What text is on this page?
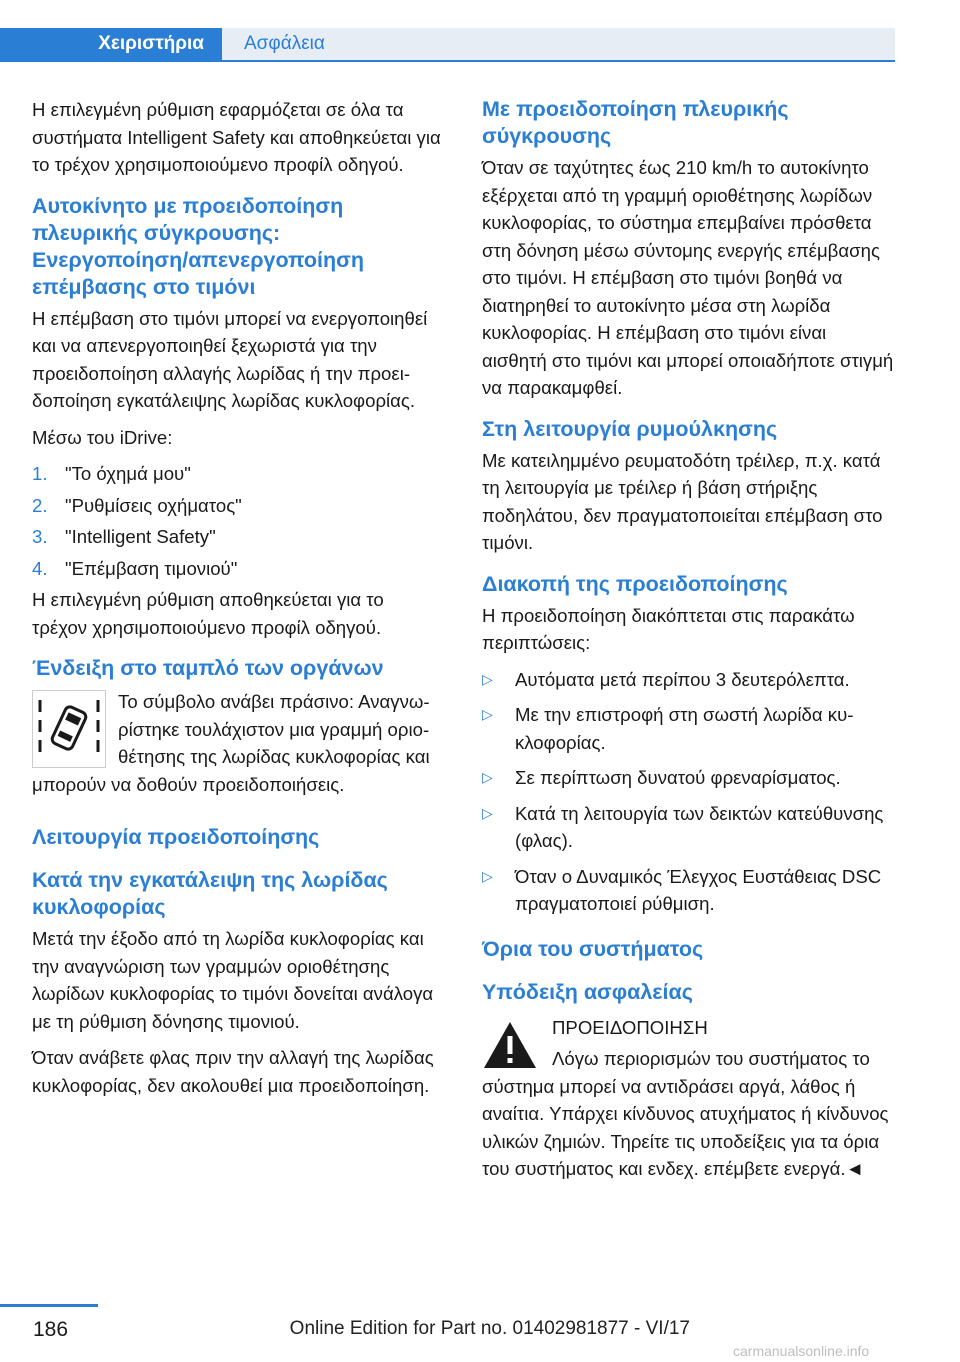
Χειριστήρια	Ασφάλεια

Η επιλεγμένη ρύθμιση εφαρμόζεται σε όλα τα συστήματα Intelligent Safety και αποθηκεύεται για το τρέχον χρησιμοποιούμενο προφίλ οδηγού.

Αυτοκίνητο με προειδοποίηση πλευρικής σύγκρουσης: Ενεργοποίηση/απενεργοποίηση επέμβασης στο τιμόνι

Η επέμβαση στο τιμόνι μπορεί να ενεργοποιηθεί και να απενεργοποιηθεί ξεχωριστά για την προειδοποίηση αλλαγής λωρίδας ή την προειδοποίηση εγκατάλειψης λωρίδας κυκλοφορίας.

Μέσω του iDrive:

1. "Το όχημά μου"
2. "Ρυθμίσεις οχήματος"
3. "Intelligent Safety"
4. "Επέμβαση τιμονιού"

Η επιλεγμένη ρύθμιση αποθηκεύεται για το τρέχον χρησιμοποιούμενο προφίλ οδηγού.

Ένδειξη στο ταμπλό των οργάνων

Το σύμβολο ανάβει πράσινο: Αναγνωρίστηκε τουλάχιστον μια γραμμή οριοθέτησης της λωρίδας κυκλοφορίας και μπορούν να δοθούν προειδοποιήσεις.

Λειτουργία προειδοποίησης
Κατά την εγκατάλειψη της λωρίδας κυκλοφορίας

Μετά την έξοδο από τη λωρίδα κυκλοφορίας και την αναγνώριση των γραμμών οριοθέτησης λωρίδων κυκλοφορίας το τιμόνι δονείται ανάλογα με τη ρύθμιση δόνησης τιμονιού.

Όταν ανάβετε φλας πριν την αλλαγή της λωρίδας κυκλοφορίας, δεν ακολουθεί μια προειδοποίηση.

Με προειδοποίηση πλευρικής σύγκρουσης

Όταν σε ταχύτητες έως 210 km/h το αυτοκίνητο εξέρχεται από τη γραμμή οριοθέτησης λωρίδων κυκλοφορίας, το σύστημα επεμβαίνει πρόσθετα στη δόνηση μέσω σύντομης ενεργής επέμβασης στο τιμόνι. Η επέμβαση στο τιμόνι βοηθά να διατηρηθεί το αυτοκίνητο μέσα στη λωρίδα κυκλοφορίας. Η επέμβαση στο τιμόνι είναι αισθητή στο τιμόνι και μπορεί οποιαδήποτε στιγμή να παρακαμφθεί.

Στη λειτουργία ρυμούλκησης

Με κατειλημμένο ρευματοδότη τρέιλερ, π.χ. κατά τη λειτουργία με τρέιλερ ή βάση στήριξης ποδηλάτου, δεν πραγματοποιείται επέμβαση στο τιμόνι.

Διακοπή της προειδοποίησης

Η προειδοποίηση διακόπτεται στις παρακάτω περιπτώσεις:

▷ Αυτόματα μετά περίπου 3 δευτερόλεπτα.
▷ Με την επιστροφή στη σωστή λωρίδα κυκλοφορίας.
▷ Σε περίπτωση δυνατού φρεναρίσματος.
▷ Κατά τη λειτουργία των δεικτών κατεύθυνσης (φλας).
▷ Όταν ο Δυναμικός Έλεγχος Ευστάθειας DSC πραγματοποιεί ρύθμιση.
Όρια του συστήματος
Υπόδειξη ασφαλείας

ΠΡΟΕΙΔΟΠΟΙΗΣΗ

Λόγω περιορισμών του συστήματος το σύστημα μπορεί να αντιδράσει αργά, λάθος ή αναίτια. Υπάρχει κίνδυνος ατυχήματος ή κίνδυνος υλικών ζημιών. Τηρείτε τις υποδείξεις για τα όρια του συστήματος και ενδεχ. επέμβετε ενεργά.◄

186	Online Edition for Part no. 01402981877 - VI/17
carmanualsonline.info
